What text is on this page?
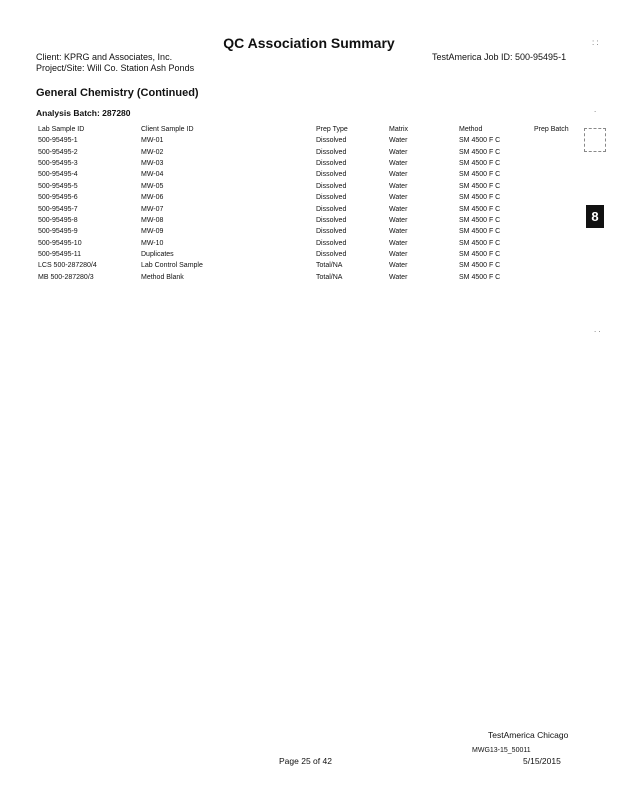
QC Association Summary
Client: KPRG and Associates, Inc.
Project/Site: Will Co. Station Ash Ponds
TestAmerica Job ID: 500-95495-1
General Chemistry (Continued)
Analysis Batch: 287280
Lab Sample ID	Client Sample ID	Prep Type	Matrix	Method	Prep Batch
500-95495-1	MW-01	Dissolved	Water	SM 4500 F C	
500-95495-2	MW-02	Dissolved	Water	SM 4500 F C	
500-95495-3	MW-03	Dissolved	Water	SM 4500 F C	
500-95495-4	MW-04	Dissolved	Water	SM 4500 F C	
500-95495-5	MW-05	Dissolved	Water	SM 4500 F C	
500-95495-6	MW-06	Dissolved	Water	SM 4500 F C	
500-95495-7	MW-07	Dissolved	Water	SM 4500 F C	
500-95495-8	MW-08	Dissolved	Water	SM 4500 F C	
500-95495-9	MW-09	Dissolved	Water	SM 4500 F C	
500-95495-10	MW-10	Dissolved	Water	SM 4500 F C	
500-95495-11	Duplicates	Dissolved	Water	SM 4500 F C	
LCS 500-287280/4	Lab Control Sample	Total/NA	Water	SM 4500 F C	
MB 500-287280/3	Method Blank	Total/NA	Water	SM 4500 F C	
8
: :
.
. .
TestAmerica Chicago
MWG13-15_50011
Page 25 of 42	5/15/2015
